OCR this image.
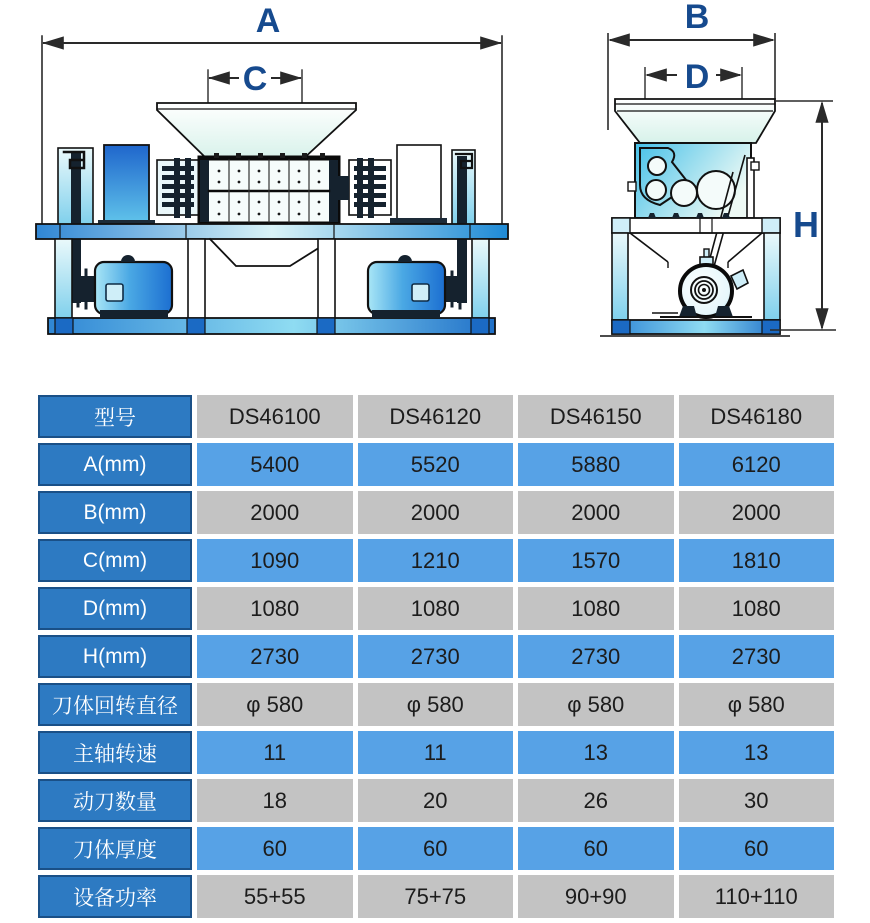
A
C
B
D
H
型号	DS46100	DS46120	DS46150	DS46180
A(mm)	5400	5520	5880	6120
B(mm)	2000	2000	2000	2000
C(mm)	1090	1210	1570	1810
D(mm)	1080	1080	1080	1080
H(mm)	2730	2730	2730	2730
刀体回转直径	φ 580	φ 580	φ 580	φ 580
主轴转速	11	11	13	13
动刀数量	18	20	26	30
刀体厚度	60	60	60	60
设备功率	55+55	75+75	90+90	110+110
